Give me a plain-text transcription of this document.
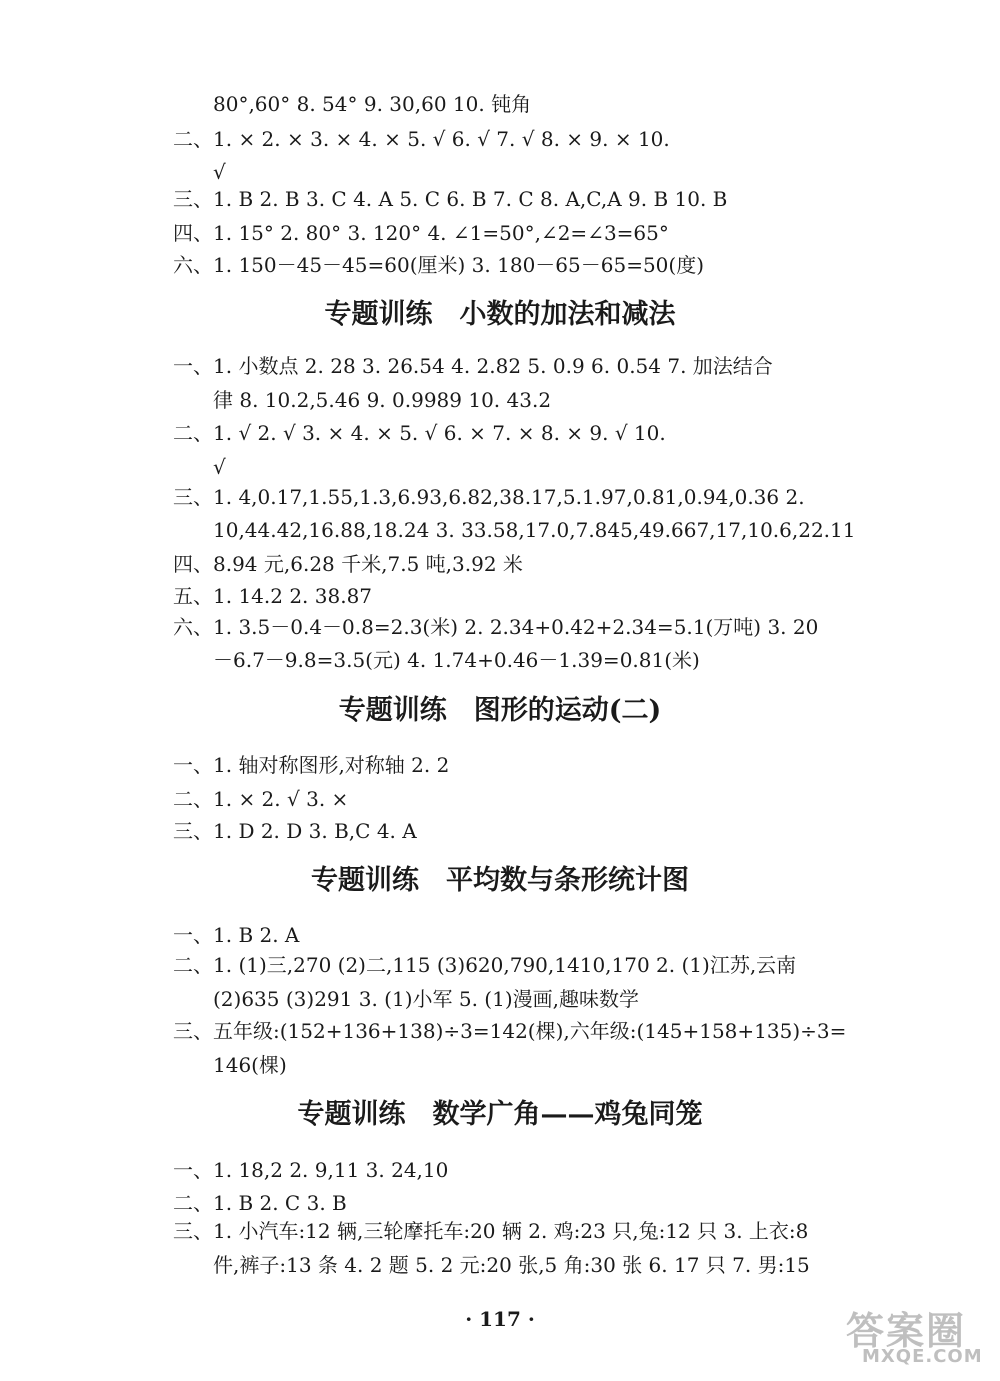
80°,60° 8. 54° 9. 30,60 10. 钝角
二、1. × 2. × 3. × 4. × 5. √ 6. √ 7. √ 8. × 9. × 10.
√
三、1. B 2. B 3. C 4. A 5. C 6. B 7. C 8. A,C,A 9. B 10. B
四、1. 15° 2. 80° 3. 120° 4. ∠1=50°,∠2=∠3=65°
六、1. 150－45－45=60(厘米) 3. 180－65－65=50(度)
专题训练　小数的加法和减法
一、1. 小数点 2. 28 3. 26.54 4. 2.82 5. 0.9 6. 0.54 7. 加法结合
律 8. 10.2,5.46 9. 0.9989 10. 43.2
二、1. √ 2. √ 3. × 4. × 5. √ 6. × 7. × 8. × 9. √ 10.
√
三、1. 4,0.17,1.55,1.3,6.93,6.82,38.17,5.1.97,0.81,0.94,0.36 2.
10,44.42,16.88,18.24 3. 33.58,17.0,7.845,49.667,17,10.6,22.11
四、8.94 元,6.28 千米,7.5 吨,3.92 米
五、1. 14.2 2. 38.87
六、1. 3.5－0.4－0.8=2.3(米) 2. 2.34+0.42+2.34=5.1(万吨) 3. 20
－6.7－9.8=3.5(元) 4. 1.74+0.46－1.39=0.81(米)
专题训练　图形的运动(二)
一、1. 轴对称图形,对称轴 2. 2
二、1. × 2. √ 3. ×
三、1. D 2. D 3. B,C 4. A
专题训练　平均数与条形统计图
一、1. B 2. A
二、1. (1)三,270 (2)二,115 (3)620,790,1410,170 2. (1)江苏,云南
(2)635 (3)291 3. (1)小军 5. (1)漫画,趣味数学
三、五年级:(152+136+138)÷3=142(棵),六年级:(145+158+135)÷3=
146(棵)
专题训练　数学广角——鸡兔同笼
一、1. 18,2 2. 9,11 3. 24,10
二、1. B 2. C 3. B
三、1. 小汽车:12 辆,三轮摩托车:20 辆 2. 鸡:23 只,兔:12 只 3. 上衣:8
件,裤子:13 条 4. 2 题 5. 2 元:20 张,5 角:30 张 6. 17 只 7. 男:15
· 117 ·	答案圈
MXQE.COM
